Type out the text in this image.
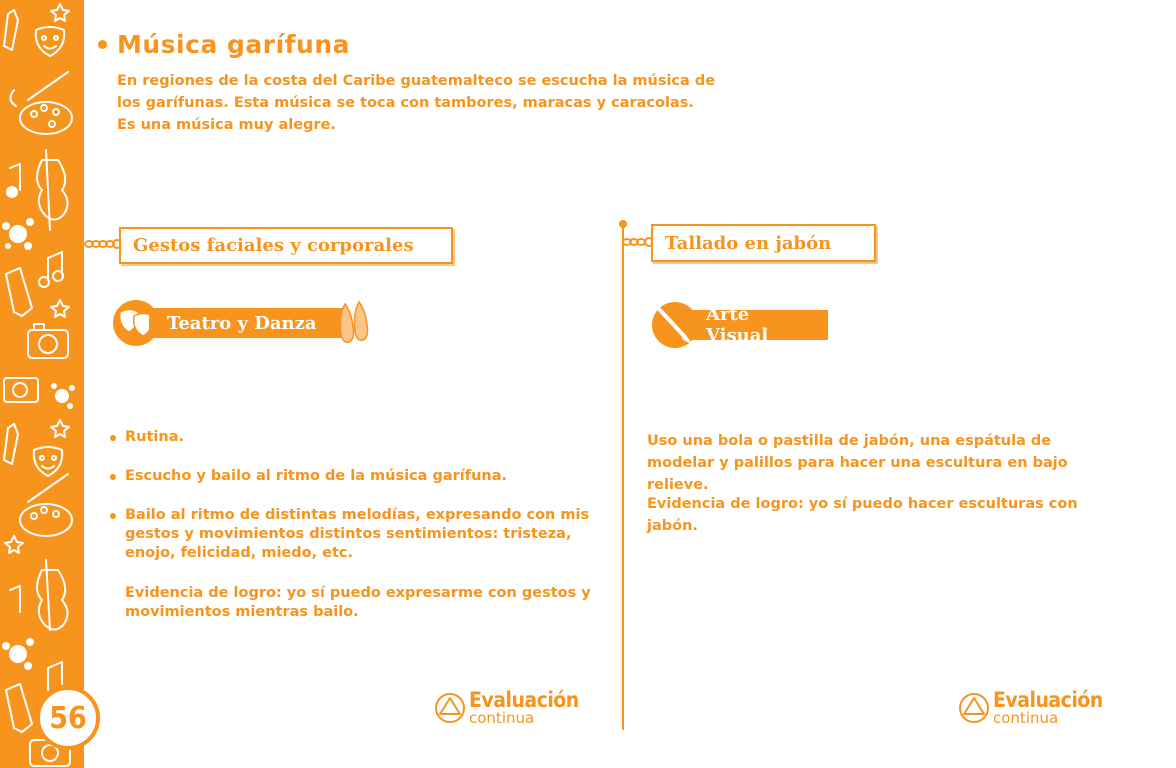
56
Música garífuna
En regiones de la costa del Caribe guatemalteco se escucha la música de los garífunas. Esta música se toca con tambores, maracas y caracolas. Es una música muy alegre.
Gestos faciales y corporales
Teatro y Danza
Rutina.
Escucho y bailo al ritmo de la música garífuna.
Bailo al ritmo de distintas melodías, expresando con mis gestos y movimientos distintos sentimientos: tristeza, enojo, felicidad, miedo, etc.
Evidencia de logro: yo sí puedo expresarme con gestos y movimientos mientras bailo.
Evaluación
continua
Tallado en jabón
Arte Visual
Uso una bola o pastilla de jabón, una espátula de modelar y palillos para hacer una escultura en bajo relieve.
Evidencia de logro: yo sí puedo hacer esculturas con jabón.
Evaluación
continua
